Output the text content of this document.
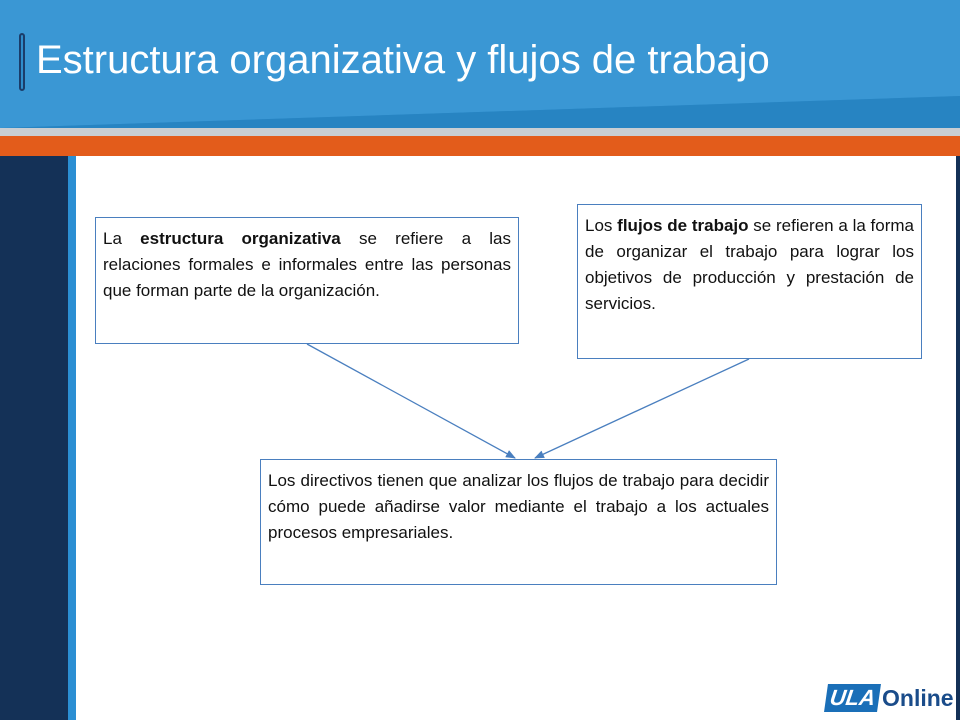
Estructura organizativa y flujos de trabajo
La estructura organizativa se refiere a las relaciones formales e informales entre las personas que forman parte de la organización.
Los flujos de trabajo se refieren a la forma de organizar el trabajo para lograr los objetivos de producción y prestación de servicios.
Los directivos tienen que analizar los flujos de trabajo para decidir cómo puede añadirse valor mediante el trabajo a los actuales procesos empresariales.
ULA Online
